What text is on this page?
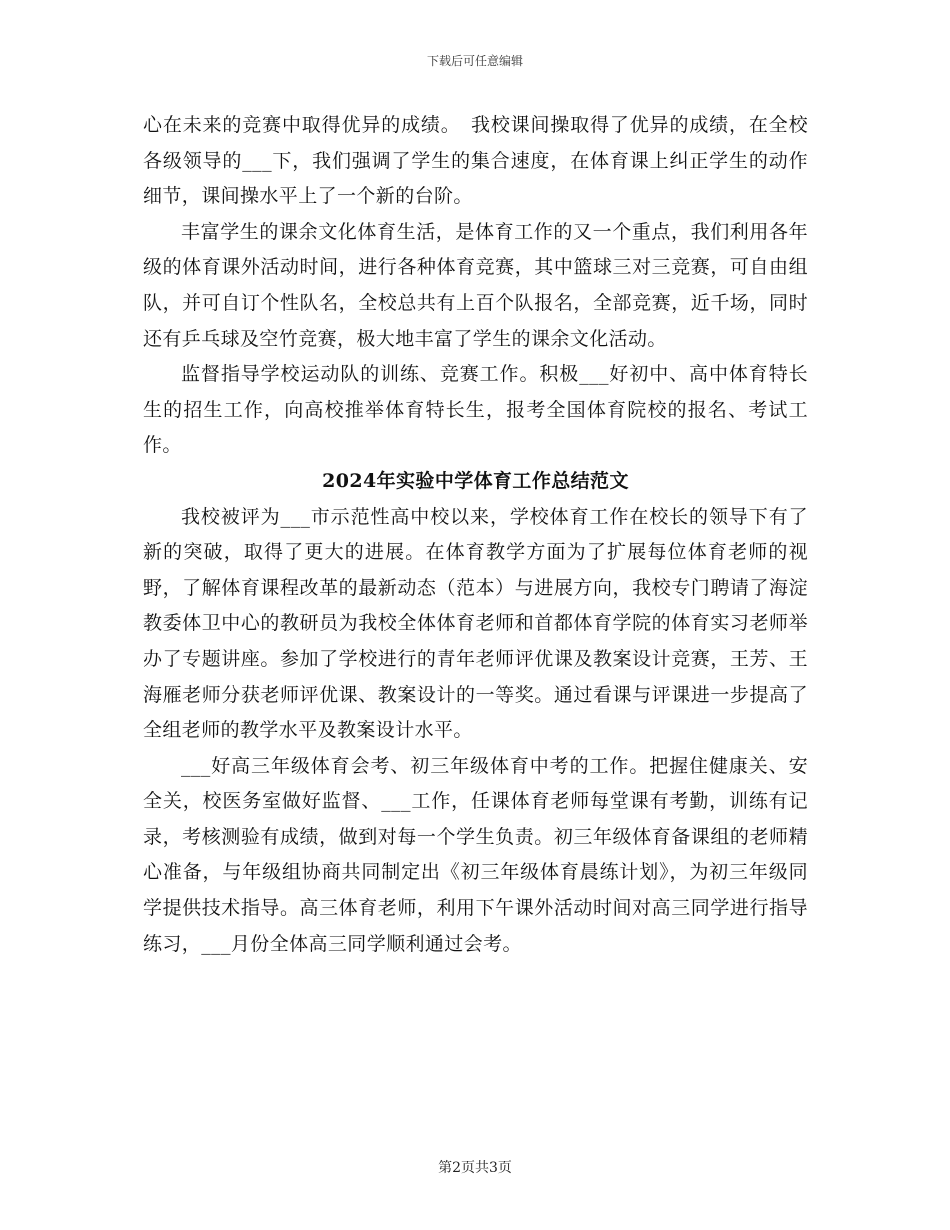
下载后可任意编辑

心在未来的竞赛中取得优异的成绩。　我校课间操取得了优异的成绩，在全校各级领导的___下，我们强调了学生的集合速度，在体育课上纠正学生的动作细节，课间操水平上了一个新的台阶。

丰富学生的课余文化体育生活，是体育工作的又一个重点，我们利用各年级的体育课外活动时间，进行各种体育竞赛，其中篮球三对三竞赛，可自由组队，并可自订个性队名，全校总共有上百个队报名，全部竞赛，近千场，同时还有乒乓球及空竹竞赛，极大地丰富了学生的课余文化活动。

监督指导学校运动队的训练、竞赛工作。积极___好初中、高中体育特长生的招生工作，向高校推举体育特长生，报考全国体育院校的报名、考试工作。

2024年实验中学体育工作总结范文

我校被评为___市示范性高中校以来，学校体育工作在校长的领导下有了新的突破，取得了更大的进展。在体育教学方面为了扩展每位体育老师的视野，了解体育课程改革的最新动态（范本）与进展方向，我校专门聘请了海淀教委体卫中心的教研员为我校全体体育老师和首都体育学院的体育实习老师举办了专题讲座。参加了学校进行的青年老师评优课及教案设计竞赛，王芳、王海雁老师分获老师评优课、教案设计的一等奖。通过看课与评课进一步提高了全组老师的教学水平及教案设计水平。

___好高三年级体育会考、初三年级体育中考的工作。把握住健康关、安全关，校医务室做好监督、___工作，任课体育老师每堂课有考勤，训练有记录，考核测验有成绩，做到对每一个学生负责。初三年级体育备课组的老师精心准备，与年级组协商共同制定出《初三年级体育晨练计划》，为初三年级同学提供技术指导。高三体育老师，利用下午课外活动时间对高三同学进行指导练习，___月份全体高三同学顺利通过会考。

第2页共3页
